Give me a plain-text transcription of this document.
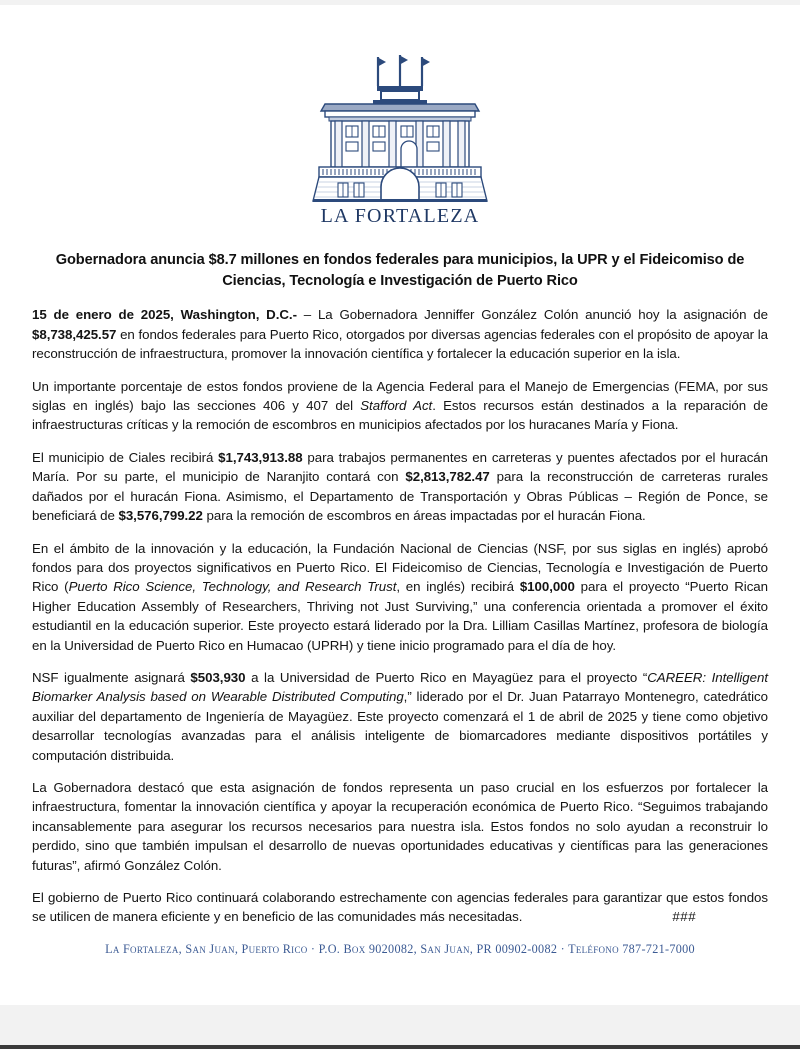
LA FORTALEZA
Gobernadora anuncia $8.7 millones en fondos federales para municipios, la UPR y el Fideicomiso de Ciencias, Tecnología e Investigación de Puerto Rico

15 de enero de 2025, Washington, D.C.- – La Gobernadora Jenniffer González Colón anunció hoy la asignación de $8,738,425.57 en fondos federales para Puerto Rico, otorgados por diversas agencias federales con el propósito de apoyar la reconstrucción de infraestructura, promover la innovación científica y fortalecer la educación superior en la isla.

Un importante porcentaje de estos fondos proviene de la Agencia Federal para el Manejo de Emergencias (FEMA, por sus siglas en inglés) bajo las secciones 406 y 407 del Stafford Act. Estos recursos están destinados a la reparación de infraestructuras críticas y la remoción de escombros en municipios afectados por los huracanes María y Fiona.

El municipio de Ciales recibirá $1,743,913.88 para trabajos permanentes en carreteras y puentes afectados por el huracán María. Por su parte, el municipio de Naranjito contará con $2,813,782.47 para la reconstrucción de carreteras rurales dañados por el huracán Fiona. Asimismo, el Departamento de Transportación y Obras Públicas – Región de Ponce, se beneficiará de $3,576,799.22 para la remoción de escombros en áreas impactadas por el huracán Fiona.

En el ámbito de la innovación y la educación, la Fundación Nacional de Ciencias (NSF, por sus siglas en inglés) aprobó fondos para dos proyectos significativos en Puerto Rico. El Fideicomiso de Ciencias, Tecnología e Investigación de Puerto Rico (Puerto Rico Science, Technology, and Research Trust, en inglés) recibirá $100,000 para el proyecto “Puerto Rican Higher Education Assembly of Researchers, Thriving not Just Surviving,” una conferencia orientada a promover el éxito estudiantil en la educación superior. Este proyecto estará liderado por la Dra. Lilliam Casillas Martínez, profesora de biología en la Universidad de Puerto Rico en Humacao (UPRH) y tiene inicio programado para el día de hoy.

NSF igualmente asignará $503,930 a la Universidad de Puerto Rico en Mayagüez para el proyecto “CAREER: Intelligent Biomarker Analysis based on Wearable Distributed Computing,” liderado por el Dr. Juan Patarrayo Montenegro, catedrático auxiliar del departamento de Ingeniería de Mayagüez. Este proyecto comenzará el 1 de abril de 2025 y tiene como objetivo desarrollar tecnologías avanzadas para el análisis inteligente de biomarcadores mediante dispositivos portátiles y computación distribuida.

La Gobernadora destacó que esta asignación de fondos representa un paso crucial en los esfuerzos por fortalecer la infraestructura, fomentar la innovación científica y apoyar la recuperación económica de Puerto Rico. “Seguimos trabajando incansablemente para asegurar los recursos necesarios para nuestra isla. Estos fondos no solo ayudan a reconstruir lo perdido, sino que también impulsan el desarrollo de nuevas oportunidades educativas y científicas para las generaciones futuras”, afirmó González Colón.

El gobierno de Puerto Rico continuará colaborando estrechamente con agencias federales para garantizar que estos fondos se utilicen de manera eficiente y en beneficio de las comunidades más necesitadas.	###

La Fortaleza, San Juan, Puerto Rico · P.O. Box 9020082, San Juan, PR 00902-0082 · Teléfono 787-721-7000
